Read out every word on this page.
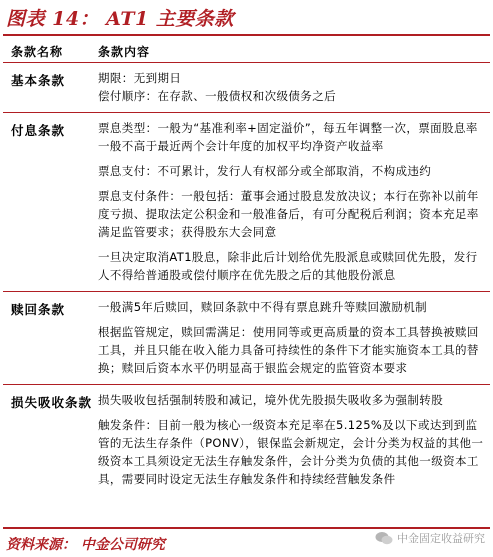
图表 14： AT1 主要条款
条款名称	条款内容
基本条款	期限：无到期日
偿付顺序：在存款、一般债权和次级债务之后
付息条款	票息类型：一般为“基准利率+固定溢价”，每五年调整一次，票面股息率一般不高于最近两个会计年度的加权平均净资产收益率
票息支付：不可累计，发行人有权部分或全部取消，不构成违约
票息支付条件：一般包括：董事会通过股息发放决议；本行在弥补以前年度亏损、提取法定公积金和一般准备后，有可分配税后利润；资本充足率满足监管要求；获得股东大会同意
一旦决定取消AT1股息，除非此后计划给优先股派息或赎回优先股，发行人不得给普通股或偿付顺序在优先股之后的其他股份派息
赎回条款	一般满5年后赎回，赎回条款中不得有票息跳升等赎回激励机制
根据监管规定，赎回需满足：使用同等或更高质量的资本工具替换被赎回工具，并且只能在收入能力具备可持续性的条件下才能实施资本工具的替换；赎回后资本水平仍明显高于银监会规定的监管资本要求
损失吸收条款 损失吸收包括强制转股和减记，境外优先股损失吸收多为强制转股
触发条件：目前一般为核心一级资本充足率在5.125%及以下或达到到监管的无法生存条件（PONV），银保监会新规定，会计分类为权益的其他一级资本工具须设定无法生存触发条件，会计分类为负债的其他一级资本工具，需要同时设定无法生存触发条件和持续经营触发条件
资料来源： 中金公司研究	中金固定收益研究
